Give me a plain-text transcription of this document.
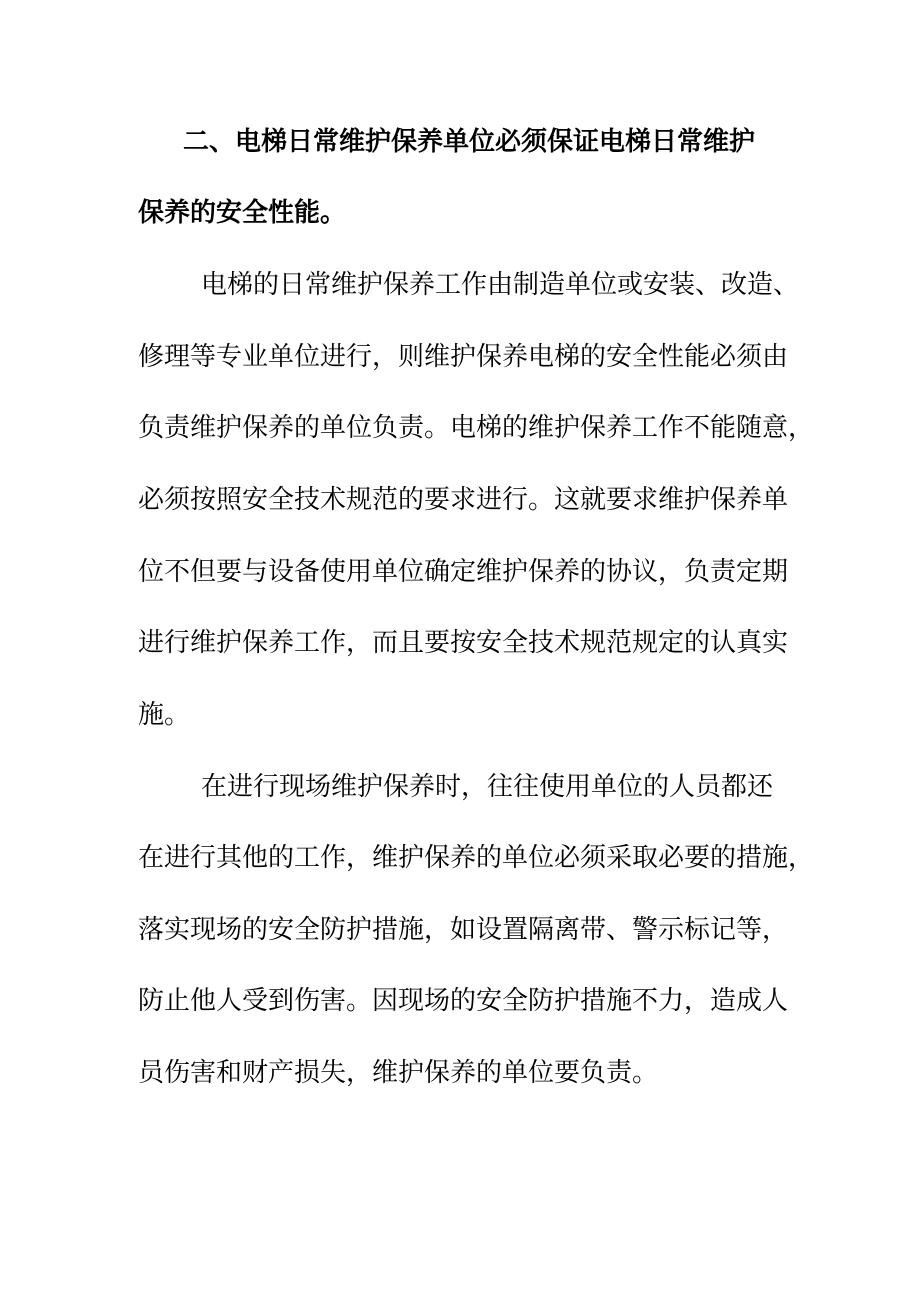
二、电梯日常维护保养单位必须保证电梯日常维护
保养的安全性能。
电梯的日常维护保养工作由制造单位或安装、改造、
修理等专业单位进行，则维护保养电梯的安全性能必须由
负责维护保养的单位负责。电梯的维护保养工作不能随意，
必须按照安全技术规范的要求进行。这就要求维护保养单
位不但要与设备使用单位确定维护保养的协议，负责定期
进行维护保养工作，而且要按安全技术规范规定的认真实
施。
在进行现场维护保养时，往往使用单位的人员都还
在进行其他的工作，维护保养的单位必须采取必要的措施，
落实现场的安全防护措施，如设置隔离带、警示标记等，
防止他人受到伤害。因现场的安全防护措施不力，造成人
员伤害和财产损失，维护保养的单位要负责。
